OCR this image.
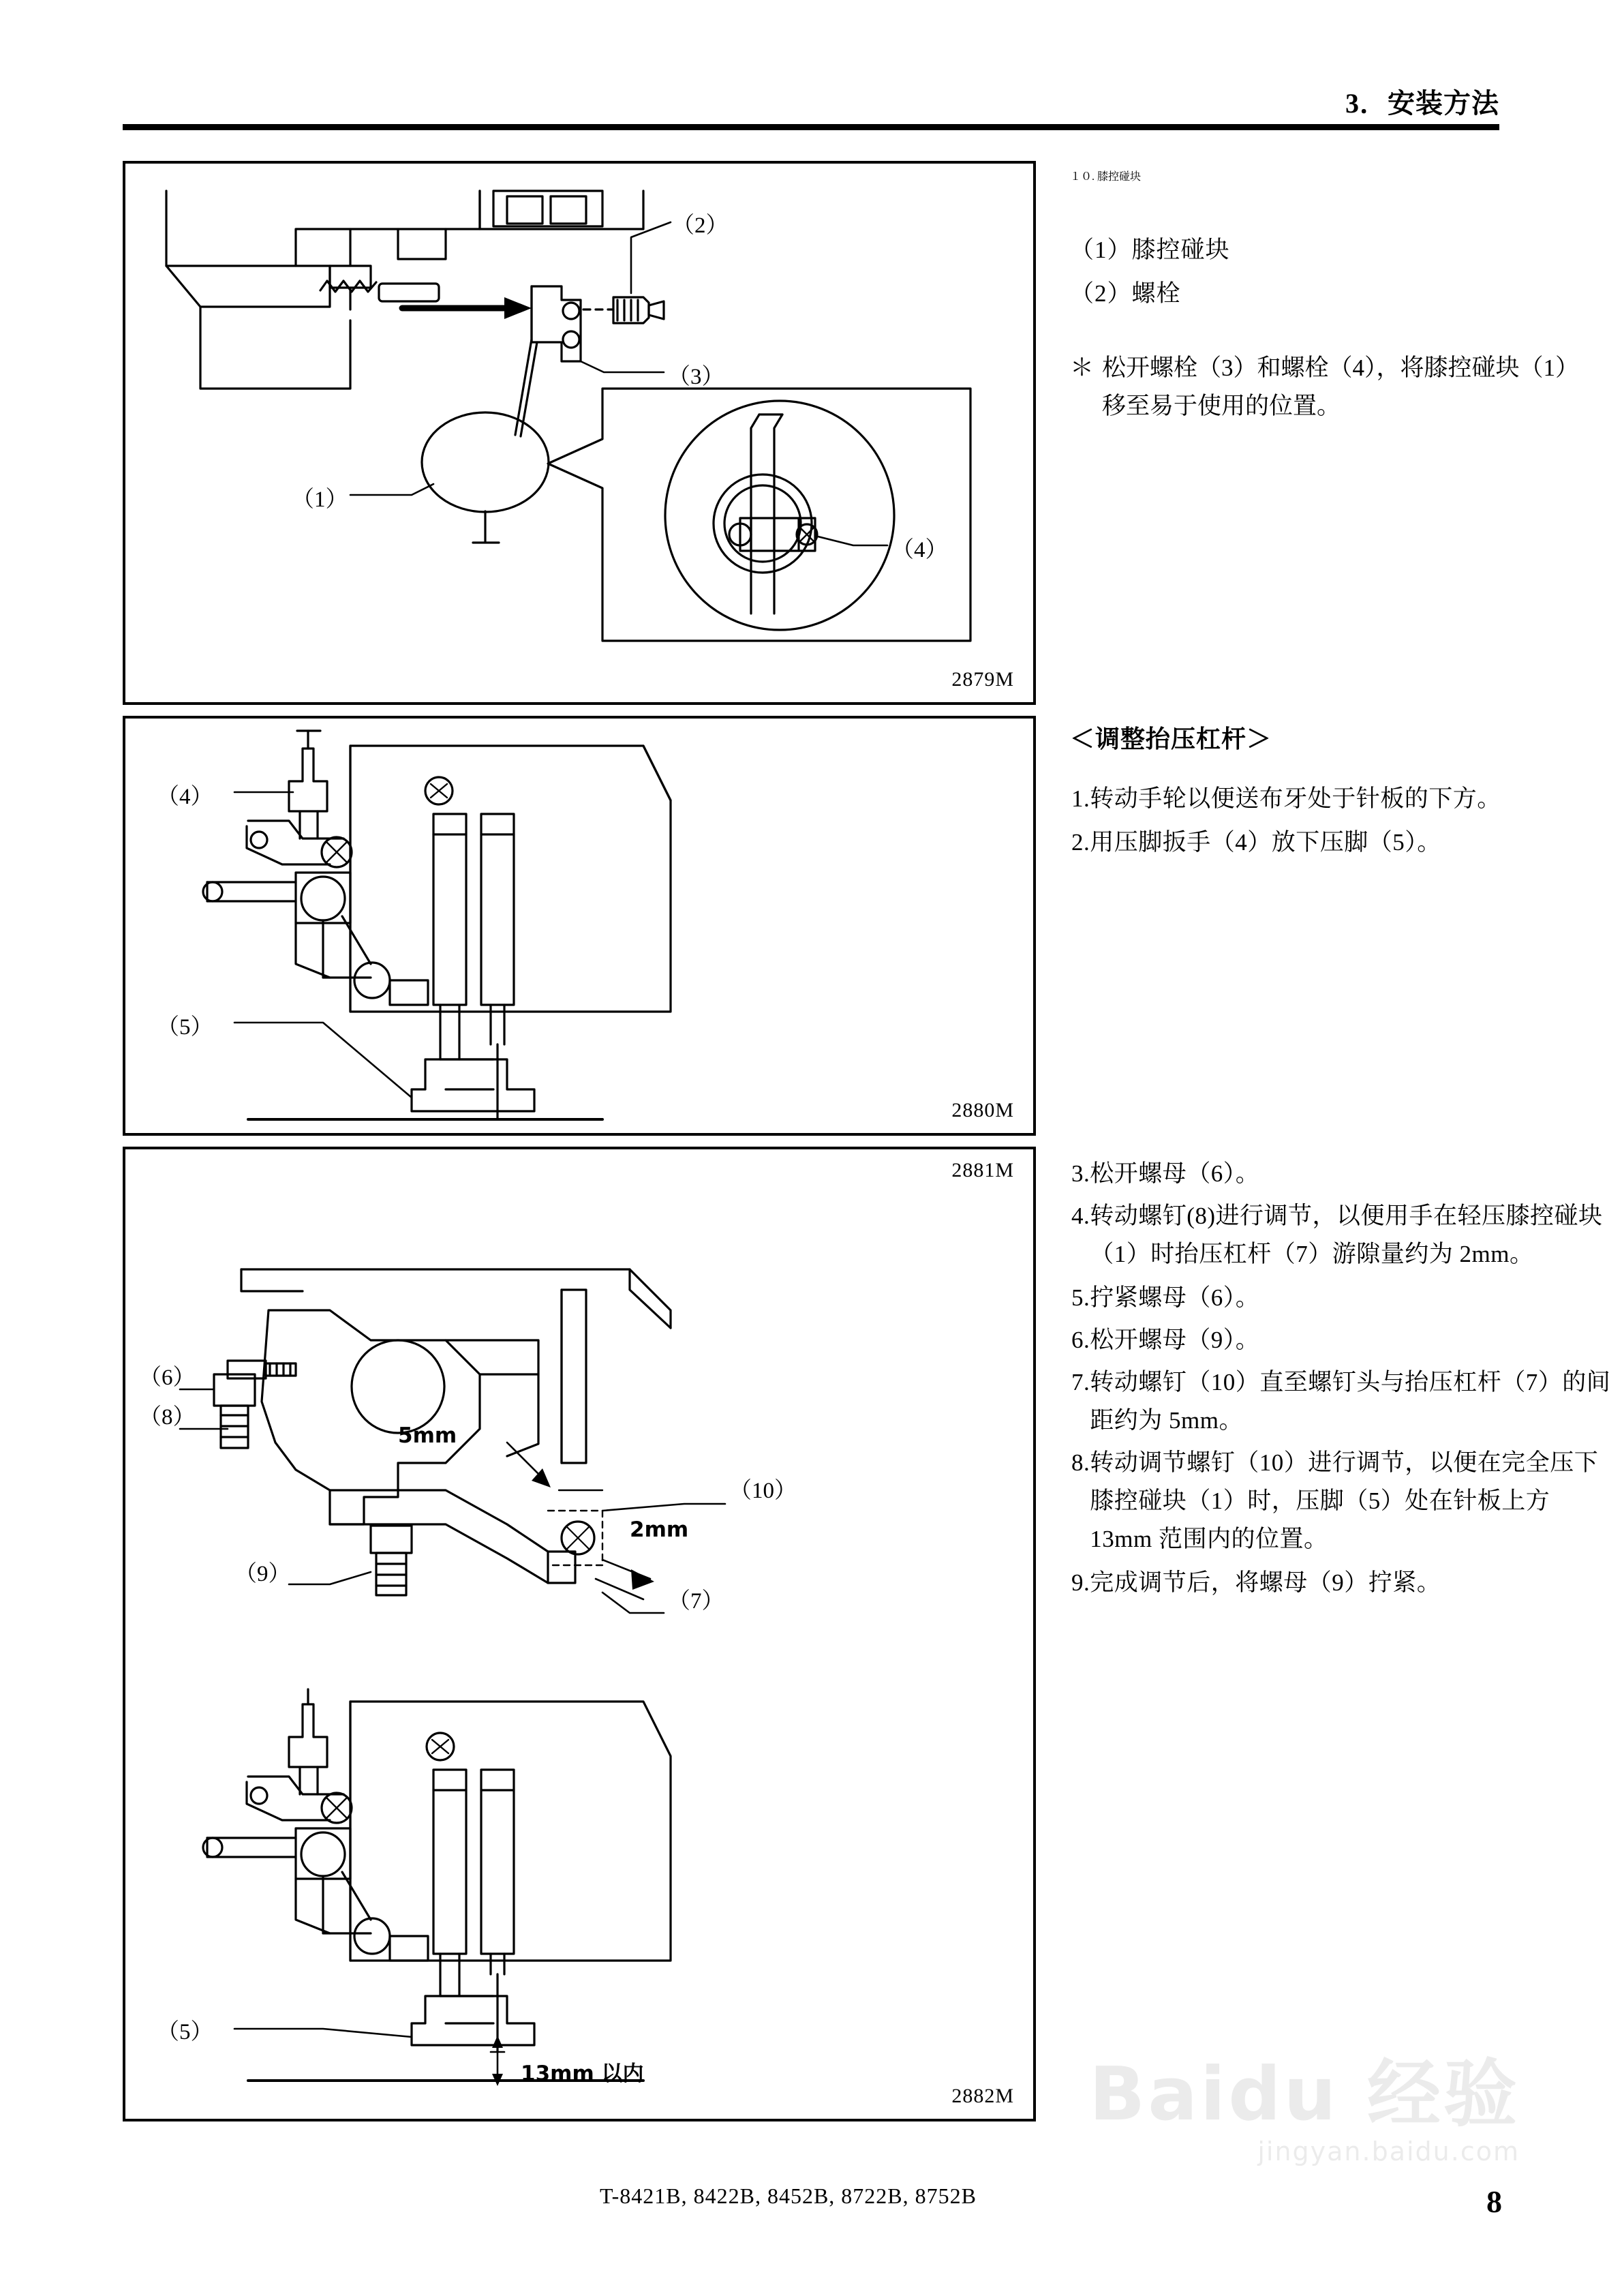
3．安装方法
（2）
（3）
（1）
（4）
2879M
１０. 膝控碰块
（1）膝控碰块
（2）螺栓
＊ 松开螺栓（3）和螺栓（4），将膝控碰块（1）移至易于使用的位置。
（4）
（5）
2880M
＜调整抬压杠杆＞
1. 转动手轮以便送布牙处于针板的下方。
2. 用压脚扳手（4）放下压脚（5）。
（6）
（8）
（9）
（10）
（7）
5mm
2mm
2881M
（5）
13mm 以内
2882M
3. 松开螺母（6）。
4. 转动螺钉(8)进行调节，以便用手在轻压膝控碰块（1）时抬压杠杆（7）游隙量约为 2mm。
5. 拧紧螺母（6）。
6. 松开螺母（9）。
7. 转动螺钉（10）直至螺钉头与抬压杠杆（7）的间距约为 5mm。
8. 转动调节螺钉（10）进行调节，以便在完全压下膝控碰块（1）时，压脚（5）处在针板上方 13mm 范围内的位置。
9. 完成调节后，将螺母（9）拧紧。
Baidu 经验
jingyan.baidu.com
T-8421B, 8422B, 8452B, 8722B, 8752B	8
